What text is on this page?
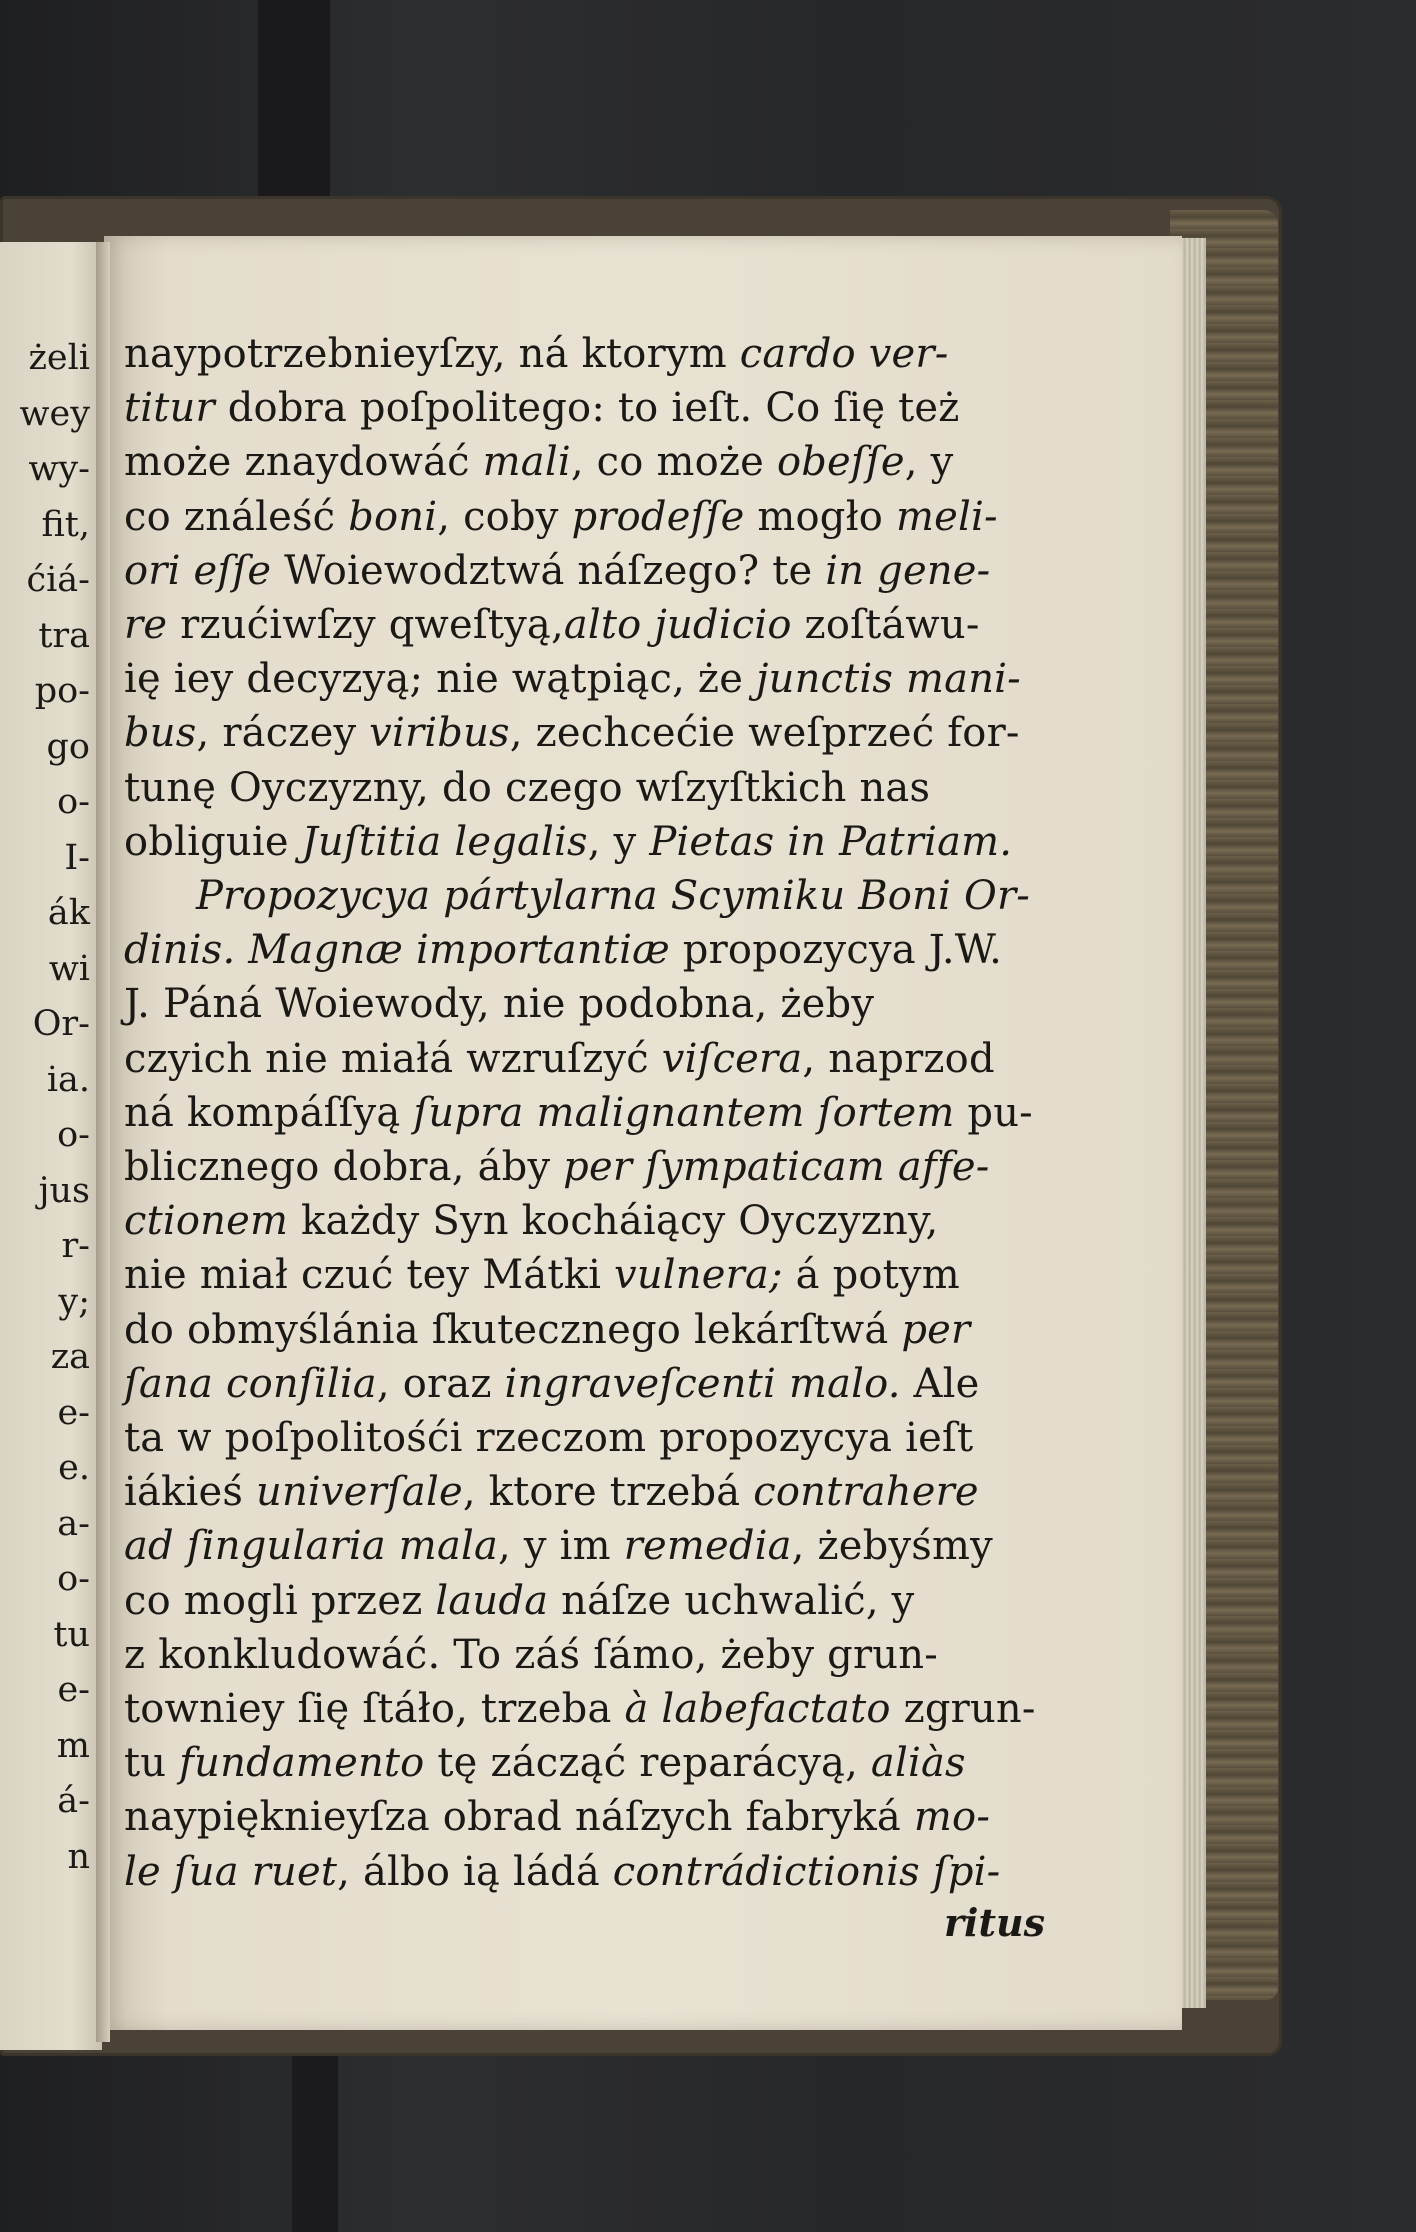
żeli
wey
wy-
fit,
ćiá-
tra
po-
go
o-
I-
ák
wi
Or-
ia.
o-
jus
r-
y;
za
e-
e.
a-
o-
tu
e-
m
á-
n
naypotrzebnieyſzy, ná ktorym cardo ver-
titur dobra poſpolitego: to ieſt. Co ſię też
może znaydowáć mali, co może obeſſe, y
co ználeść boni, coby prodeſſe mogło meli-
ori eſſe Woiewodztwá náſzego? te in gene-
re rzućiwſzy qweſtyą,alto judicio zoſtáwu-
ię iey decyzyą; nie wątpiąc, że junctis mani-
bus, ráczey viribus, zechcećie weſprzeć for-
tunę Oyczyzny, do czego wſzyſtkich nas
obliguie Juſtitia legalis, y Pietas in Patriam.
Propozycya pártylarna Scymiku Boni Or-
dinis. Magnæ importantiæ propozycya J.W.
J. Páná Woiewody, nie podobna, żeby
czyich nie miałá wzruſzyć viſcera, naprzod
ná kompáſſyą ſupra malignantem ſortem pu-
blicznego dobra, áby per ſympaticam affe-
ctionem każdy Syn kocháiący Oyczyzny,
nie miał czuć tey Mátki vulnera; á potym
do obmyślánia ſkutecznego lekárſtwá per
ſana conſilia, oraz ingraveſcenti malo. Ale
ta w poſpolitośći rzeczom propozycya ieſt
iákieś univerſale, ktore trzebá contrahere
ad ſingularia mala, y im remedia, żebyśmy
co mogli przez lauda náſze uchwalić, y
z konkludowáć. To záś ſámo, żeby grun-
towniey ſię ſtáło, trzeba à labefactato zgrun-
tu fundamento tę zácząć reparácyą, aliàs
naypięknieyſza obrad náſzych fabryká mo-
le ſua ruet, álbo ią ládá contrádictionis ſpi-
ritus
